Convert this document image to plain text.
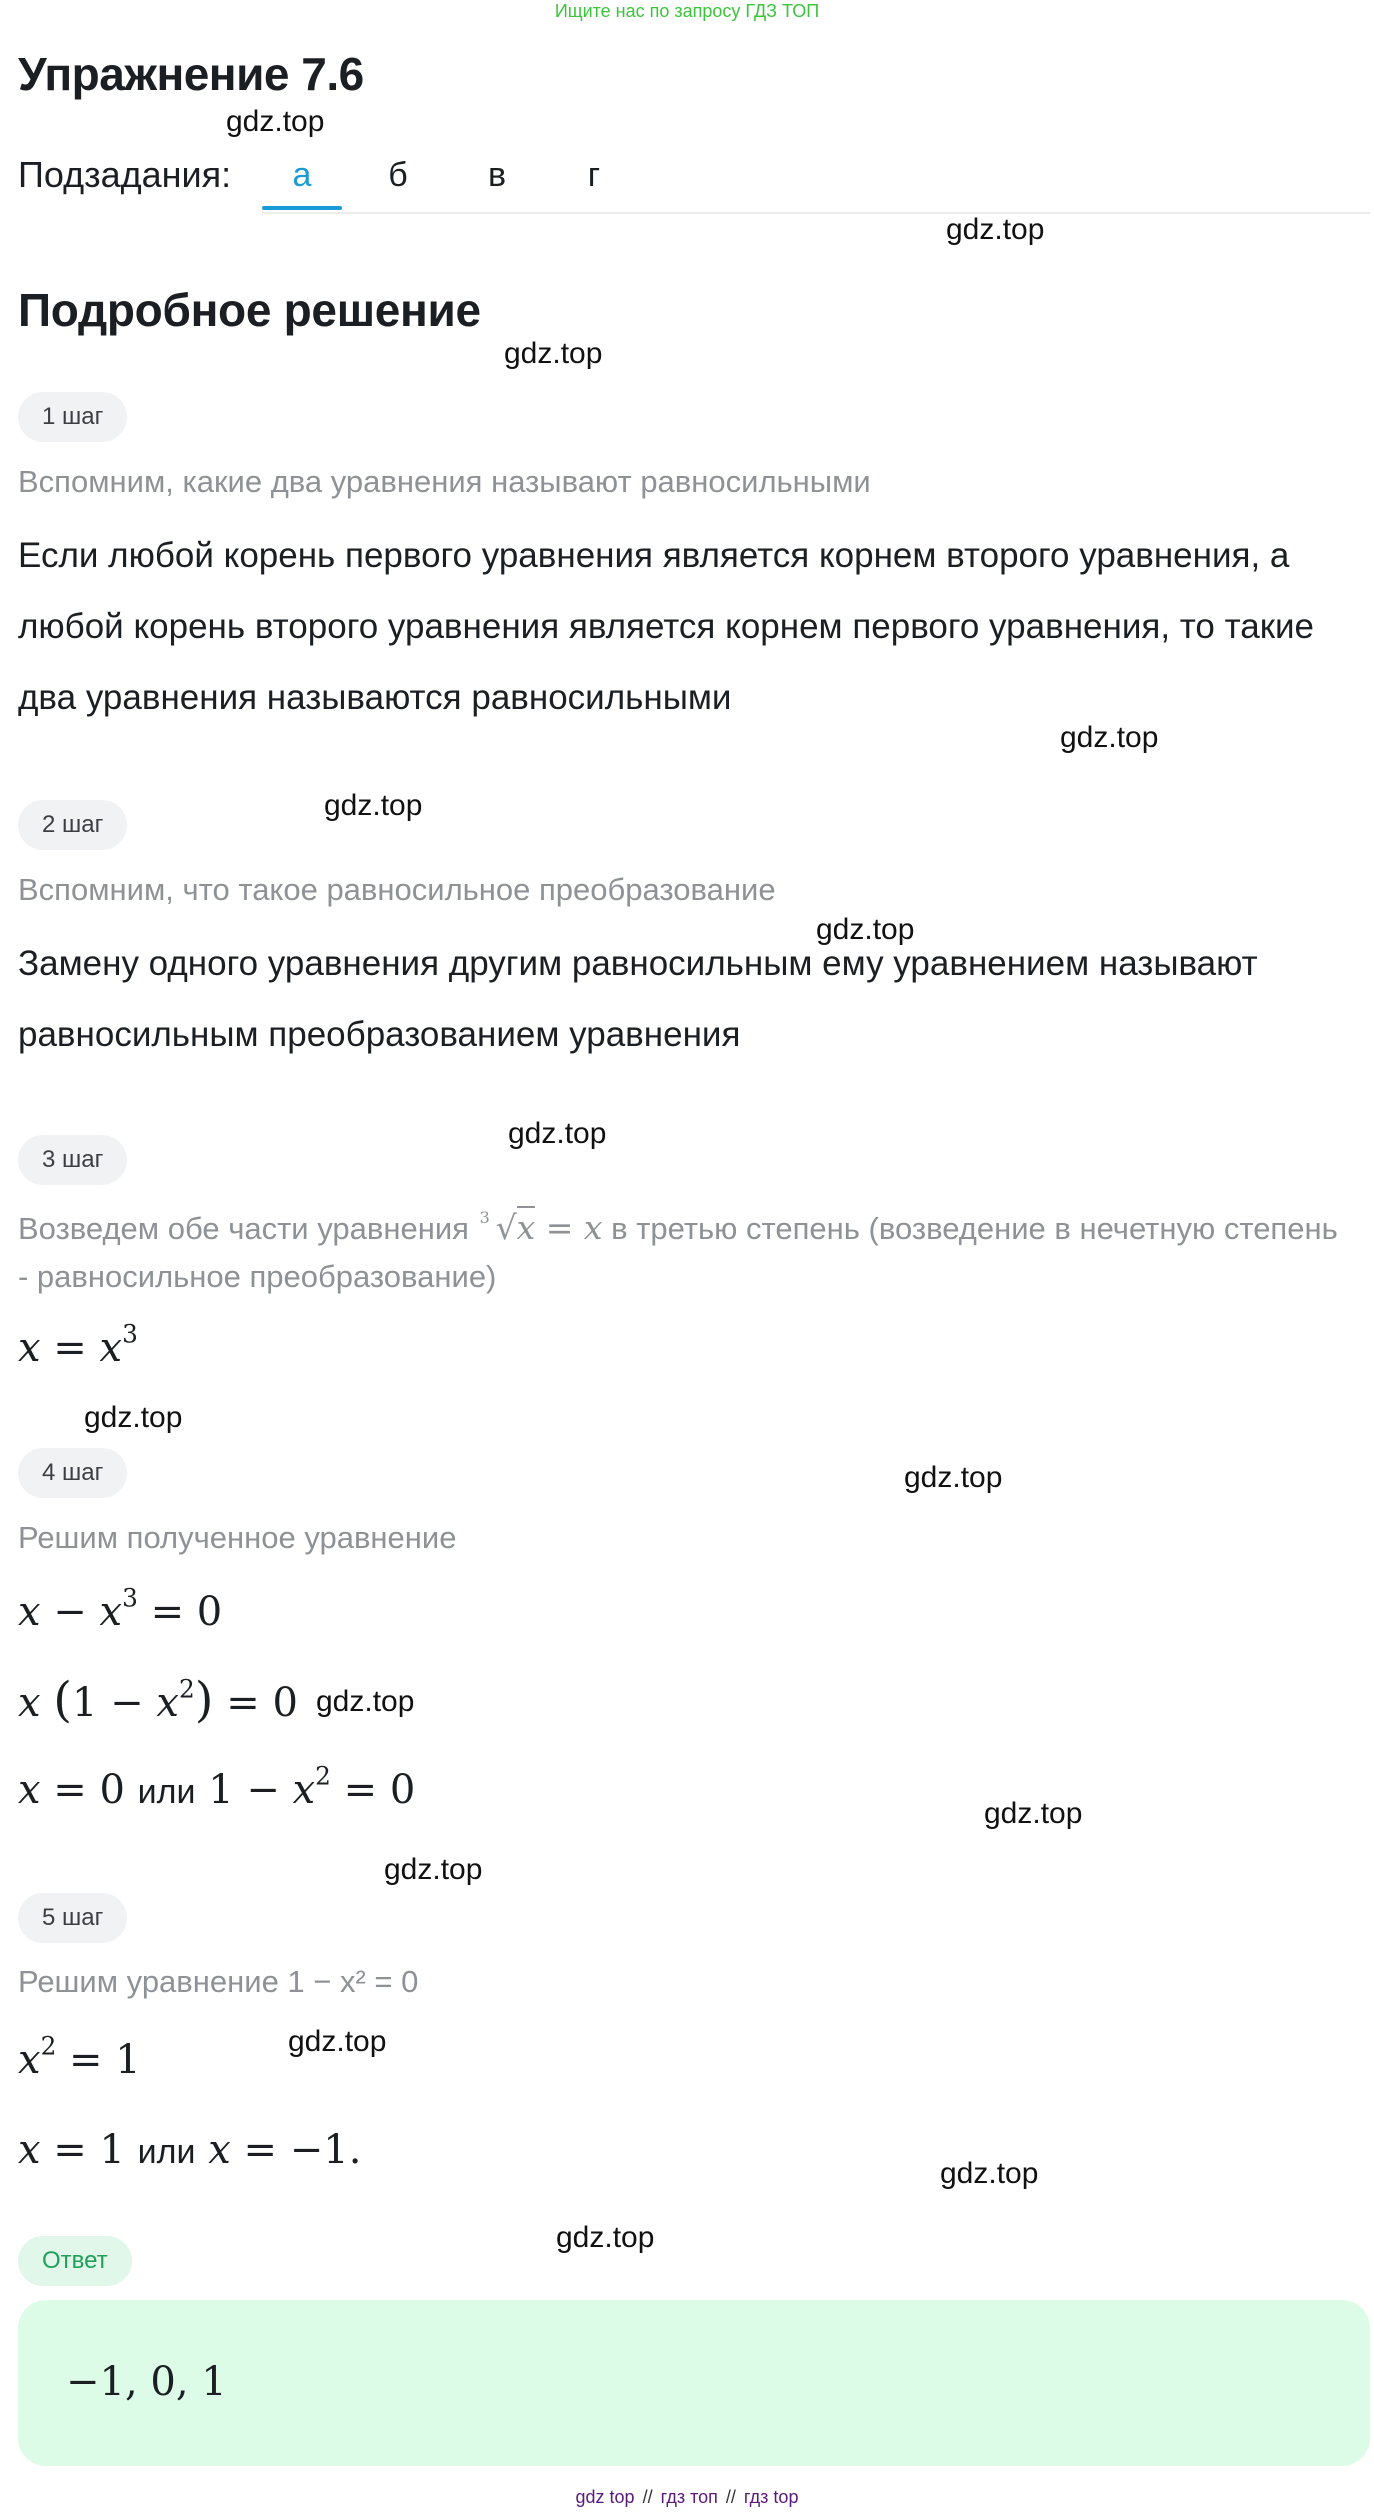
Ищите нас по запросу ГДЗ ТОП
Упражнение 7.6
Подзадания:	а	б	в	г
Подробное решение
1 шаг
Вспомним, какие два уравнения называют равносильными
Если любой корень первого уравнения является корнем второго уравнения, а любой корень второго уравнения является корнем первого уравнения, то такие два уравнения называются равносильными
2 шаг
Вспомним, что такое равносильное преобразование
Замену одного уравнения другим равносильным ему уравнением называют равносильным преобразованием уравнения
3 шаг
Возведем обе части уравнения 3 √x = x в третью степень (возведение в нечетную степень - равносильное преобразование)
$x = x^3$
4 шаг
Решим полученное уравнение
$x - x^3 = 0$
x $(1 - x^2) = 0$
x = 0 или $1 - x^2 = 0$
5 шаг
Решим уравнение 1 − x² = 0
$x^2 = 1$
x = 1 или x = −1.
Ответ
−1, 0, 1
gdz.top
gdz.top
gdz.top
gdz.top
gdz.top
gdz.top
gdz.top
gdz.top
gdz.top
gdz.top
gdz.top
gdz.top
gdz.top
gdz.top
gdz.top
gdz top // гдз топ // гдз top
